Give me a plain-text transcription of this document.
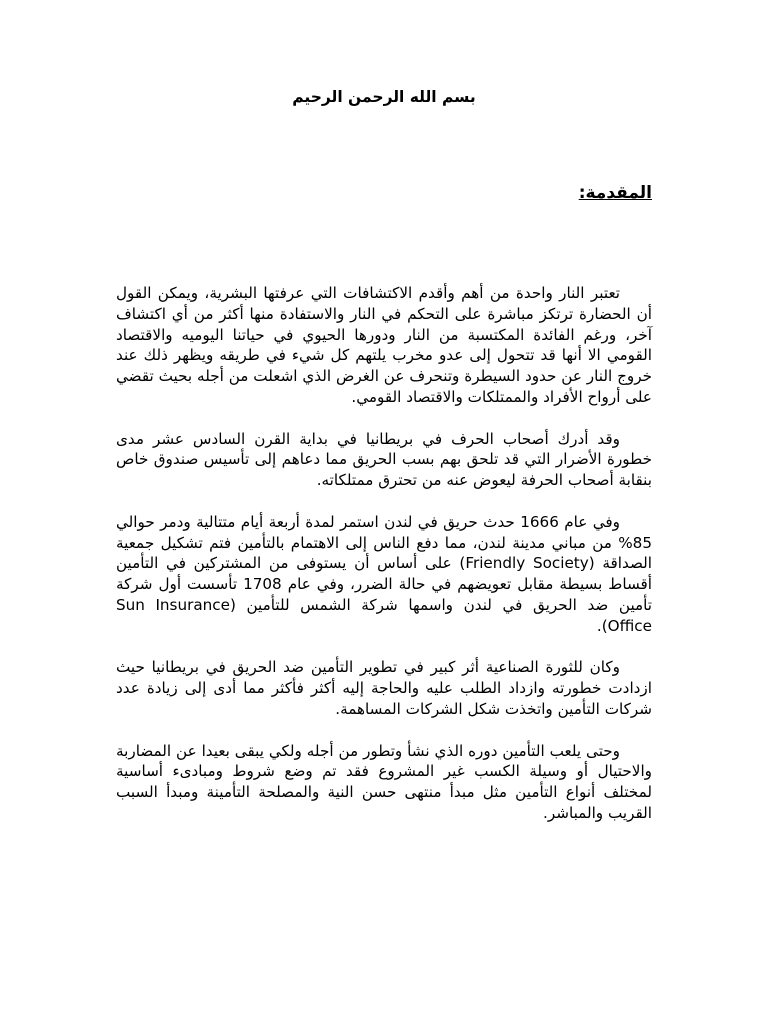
بسم الله الرحمن الرحيم
المقدمة:

تعتبر النار واحدة من أهم وأقدم الاكتشافات التي عرفتها البشرية، ويمكن القول أن الحضارة ترتكز مباشرة على التحكم في النار والاستفادة منها أكثر من أي اكتشاف آخر، ورغم الفائدة المكتسبة من النار ودورها الحيوي في حياتنا اليوميه والاقتصاد القومي الا أنها قد تتحول إلى عدو مخرب يلتهم كل شيء في طريقه ويظهر ذلك عند خروج النار عن حدود السيطرة وتنحرف عن الغرض الذي اشعلت من أجله بحيث تقضي على أرواح الأفراد والممتلكات والاقتصاد القومي.

وقد أدرك أصحاب الحرف في بريطانيا في بداية القرن السادس عشر مدى خطورة الأضرار التي قد تلحق بهم بسب الحريق مما دعاهم إلى تأسيس صندوق خاص بنقابة أصحاب الحرفة ليعوض عنه من تحترق ممتلكاته.

وفي عام 1666 حدث حريق في لندن استمر لمدة أربعة أيام متتالية ودمر حوالي 85% من مباني مدينة لندن، مما دفع الناس إلى الاهتمام بالتأمين فتم تشكيل جمعية الصداقة (Friendly Society) على أساس أن يستوفى من المشتركين في التأمين أقساط بسيطة مقابل تعويضهم في حالة الضرر، وفي عام 1708 تأسست أول شركة تأمين ضد الحريق في لندن واسمها شركة الشمس للتأمين (Sun Insurance Office).

وكان للثورة الصناعية أثر كبير في تطوير التأمين ضد الحريق في بريطانيا حيث ازدادت خطورته وازداد الطلب عليه والحاجة إليه أكثر فأكثر مما أدى إلى زيادة عدد شركات التأمين واتخذت شكل الشركات المساهمة.

وحتى يلعب التأمين دوره الذي نشأ وتطور من أجله ولكي يبقى بعيدا عن المضاربة والاحتيال أو وسيلة الكسب غير المشروع فقد تم وضع شروط ومبادىء أساسية لمختلف أنواع التأمين مثل مبدأ منتهى حسن النية والمصلحة التأمينة ومبدأ السبب القريب والمباشر.
